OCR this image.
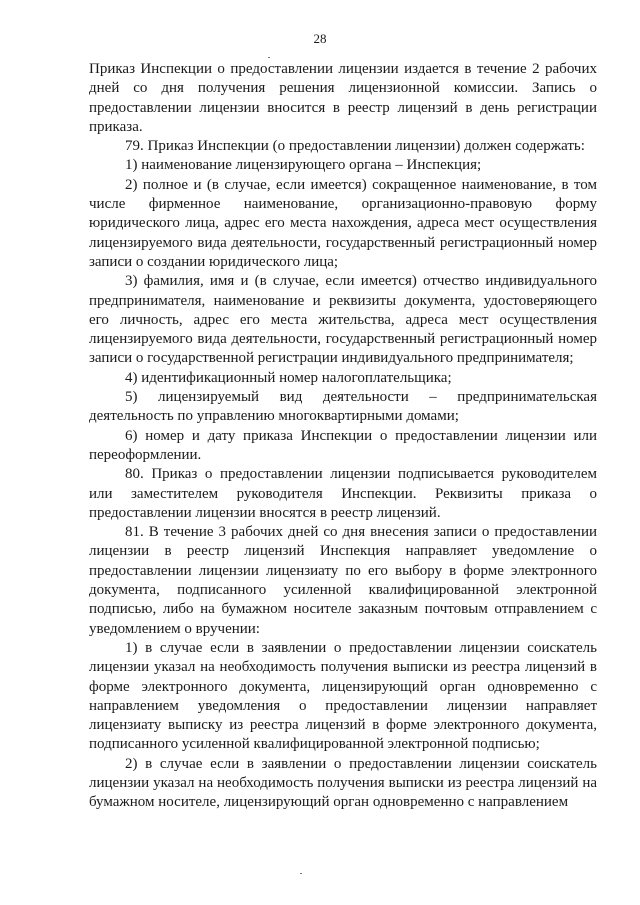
28

Приказ Инспекции о предоставлении лицензии издается в течение 2 рабочих дней со дня получения решения лицензионной комиссии. Запись о предоставлении лицензии вносится в реестр лицензий в день регистрации приказа.

79. Приказ Инспекции (о предоставлении лицензии) должен содержать:

1) наименование лицензирующего органа – Инспекция;

2) полное и (в случае, если имеется) сокращенное наименование, в том числе фирменное наименование, организационно-правовую форму юридического лица, адрес его места нахождения, адреса мест осуществления лицензируемого вида деятельности, государственный регистрационный номер записи о создании юридического лица;

3) фамилия, имя и (в случае, если имеется) отчество индивидуального предпринимателя, наименование и реквизиты документа, удостоверяющего его личность, адрес его места жительства, адреса мест осуществления лицензируемого вида деятельности, государственный регистрационный номер записи о государственной регистрации индивидуального предпринимателя;

4) идентификационный номер налогоплательщика;

5) лицензируемый вид деятельности – предпринимательская деятельность по управлению многоквартирными домами;

6) номер и дату приказа Инспекции о предоставлении лицензии или переоформлении.

80. Приказ о предоставлении лицензии подписывается руководителем или заместителем руководителя Инспекции. Реквизиты приказа о предоставлении лицензии вносятся в реестр лицензий.

81. В течение 3 рабочих дней со дня внесения записи о предоставлении лицензии в реестр лицензий Инспекция направляет уведомление о предоставлении лицензии лицензиату по его выбору в форме электронного документа, подписанного усиленной квалифицированной электронной подписью, либо на бумажном носителе заказным почтовым отправлением с уведомлением о вручении:

1) в случае если в заявлении о предоставлении лицензии соискатель лицензии указал на необходимость получения выписки из реестра лицензий в форме электронного документа, лицензирующий орган одновременно с направлением уведомления о предоставлении лицензии направляет лицензиату выписку из реестра лицензий в форме электронного документа, подписанного усиленной квалифицированной электронной подписью;

2) в случае если в заявлении о предоставлении лицензии соискатель лицензии указал на необходимость получения выписки из реестра лицензий на бумажном носителе, лицензирующий орган одновременно с направлением
